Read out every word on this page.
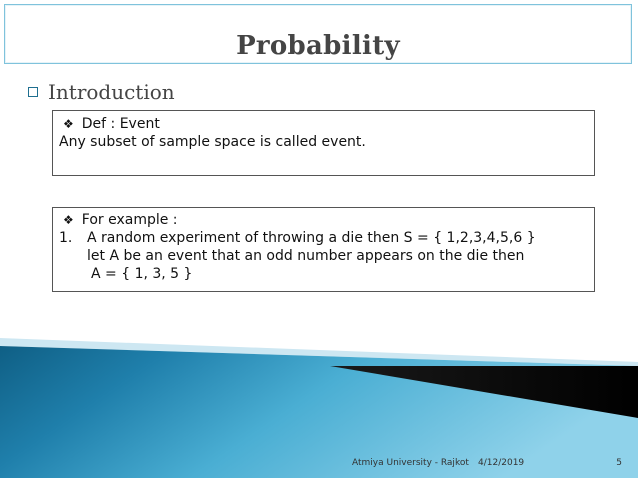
Probability
Introduction
❖ Def : Event
Any subset of sample space is called event.
❖ For example :
1.	A random experiment of throwing a die then S = { 1,2,3,4,5,6 }
let A be an event that an odd number appears on the die then
A = { 1, 3, 5 }
Atmiya University - Rajkot 4/12/2019	5
